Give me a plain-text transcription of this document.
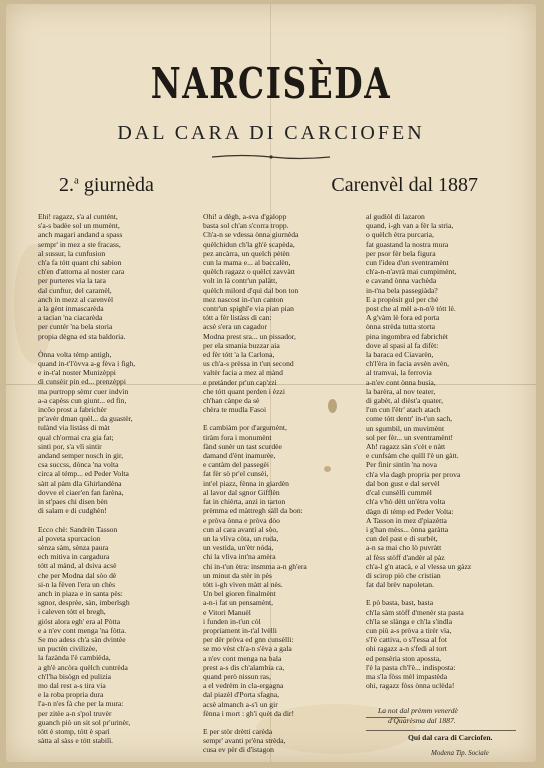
NARCISÈDA
DAL CARA DI CARCIOFEN
2.$^a$ giurnèda	Carenvèl dal 1887
Ehi! ragazz, s'a al cuntént,
s'a-s badèe sol un mumènt,
anch magari andand a spass
sempr' in mez a ste fracass,
al sussur, la cunfusion
ch'a fa tótt quant chi sabion
ch'en d'attorna al noster cara
per purteres via la tara
dal cunftur, del caramèl,
anch in mezz al carenvèl
a la gènt inmascarèda
a tacian 'na ciacarèda
per cuntér 'na bela storia
propia dègna ed sta baldoria.
Ònna volta témp antigh,
quand in-t'l'òvva a-g fèva i figh,
e in-t'al noster Munizèppi
di cunsèir pin ed... prenzèppi
ma purtropp sèmr cuer indvìn
a-a capèss cun giunt... ed fin,
incôo prost a fabrichèr
pr'avèr dman quèl... da guastèr,
tulànd via listàss di màt
qual ch'ormai cra gia fat;
sintì por, s'a vlì sintir
andand semper nosch in gir,
csa succss, dònca 'na volta
circa al témp... ed Peder Volta
sàtt al pàm dla Ghirlandèna
dovve el ciaer'en fan farèna,
in st'paes chi disen bèn
di salam e di cudghèn!
Ecco chè: Sandrèn Tasson
al poveta spurcacion
sènza sàm, sènza paura
ech mitiva in cargadura
tótt al mànd, al dsiva acsè
che per Modna dal sòo dè
si-n la fèven l'era un chès
anch in piaza e in santa pès:
sgnor, desprèe, sàn, imberlsgh
i caleven tótt el bregh,
gióst alora egh' era al Pòtta
e a n'ev cont menga 'na fòtta.
Se mo adess ch'a sàn dvintèe
un puctèn civilizèe,
la fazànda l'è cambièda,
a gh'è ancòra quèlch cuntrèda
ch'l'ha bisògn ed pulizia
mo dal rest a-s tira via
e la roba propria dura
l'a-n n'es fà che per la mura:
per zitèe a-n s'pol truvèr
guanch piò un sit sol pr'urinèr,
tótt è stomp, tótt è sparì
sàtta al sàss e tótt stabilì.
Ohi! a dègh, a-sva d'galopp
basta sol ch'an s'corra tropp.
Ch'a-n se vdessa ònna giurnèda
quèlchidun ch'la gh'è scapèda,
pez ancàrra, un quelch pètèn
cun la mama e... al baccalèn,
quèlch ragazz o quèlct zavvàtt
volt in là contr'un palàtt,
quèlch milord d'qui dal bon ton
mez nascost in-t'un canton
contr'un spighl'e via pian pian
tótt a fèr listàss di can:
acsè s'era un cagador
Modna prest sra... un pissador,
per ela smania buzzar aia
ed fèr tótt 'a la Carlona,
us ch'a-s prèssa in t'un second
valtèr facia a mez al mànd
e pretànder pr'un cap'zzi
che tótt quant perden i èzzi
ch'han cànpe da sè
chèra te mudla Fasoi
E cambiàm por d'argumènt,
tiràm fora i monumènt
fànd sunèr un tast scurdèe
damand d'ènt inamurèe,
e cantàm del passegèi
fat fèr sò pr'el cunsèi,
int'el piazz, fènna in giardèn
al lavor dal sgnor Gifflèn
fat in chièrta, anzi in tarton
prèmma ed màttregh sàll da bon:
e pròva ònna e pròva dòo
cun al cara avanti al sòo,
un la vlìva còta, un ruda,
un vestida, un'ètr nóda,
chi la vlìva int'na amèra
chi in-t'un ètra: insmma a-n gh'era
un minut da stèr in pès
tótt i-gh vìven màtt al nès.
Un bel gioren finalmènt
a-n-i fat un pensamènt,
e Vitori Manuèl
i funden in-t'un còl
propriament in-t'al lvèlli
per dèr pròva ed gnn cunsèlli:
se mo vèst ch'a-n s'èva a gala
a n'ev cont menga na bala
prest a-s dis ch'alambia ca,
quand però nissun ras,
a el vedrèm in cla-ergagna
dal piazèl d'Porta sfagna,
acsè almanch a-s'i un gir
fènna i mort : gh'i quèt da dir!
E per stòr drètti carèda
sempr' avanti pr'èna strèda,
cusa ev pèr di d'istagon
al gudiòl di lazaron
quand, i-gh van a fèr la stria,
o quèlch ètra purcaria,
fat guastand la nostra mura
per psor fèr bela figura
cun l'idea d'un sventramènt
ch'a-n-n'avrà mai cumpimènt,
e cavand ònna vachèda
in-t'na bela passegiàda?
E a propòsit gul per chè
post che al mèl a-n-n'è tótt lè.
A g'vàm lè fora ed porta
ònna strèda tutta storta
pina ingombra ed fabrichèt
dove al spasi al fa difèt:
la baraca ed Ciavarèn,
ch'l'èra in facia avsèn avèn,
al tramvai, la ferrovia
a-n'ev cont ònna busia,
la barèra, al nov teater,
di gabèt, al dièst'a quater,
l'un cun l'ètr' atach atach
come tótt dentr' in-t'un sach,
un sgumbil, un muvimènt
sol per fèr... un sventramènt!
Ah! ragazz sàn s'cèt e nàtt
e cunfsàm che quìll l'è un gàtt.
Per finir sintìn 'na nova
ch'a vla dagh propria per prova
dal bon gust e dal servèl
d'cal cunsèllì cummèl
ch'a v'hò dètt un'ètra volta
dàgn di témp ed Peder Volta:
A Tasson in mez d'piazètta
i g'han mèss... ònna garàtta
cun del past e di surbèt,
a-n sa mai cho lò puvràtt
al fèss stòff d'andèr al pàz
ch'a-l g'n atacà, e al vlessa un gàzz
di scirop piò che cristian
fat dal brèv napoletan.
E pò basta, bast, basta
ch'la sàm stòff d'menèr sta pasta
ch'la se slànga e ch'la s'indla
cun più a-s pròva a tirèr vìa,
s'l'è cattiva, o s'l'essa al fot
ohi ragazz a-n s'fedi al tort
ed pensèria ston apossta,
l'è la pasta ch'l'è... indisposta:
ma s'la fòss mèl impastèda
ohi, ragazz fòss ònna uclèda!
La not dal prèmm venerdè
d'Quarèsma dal 1887.
Qui dal cara di Carciofen.
Modena Tip. Sociale
